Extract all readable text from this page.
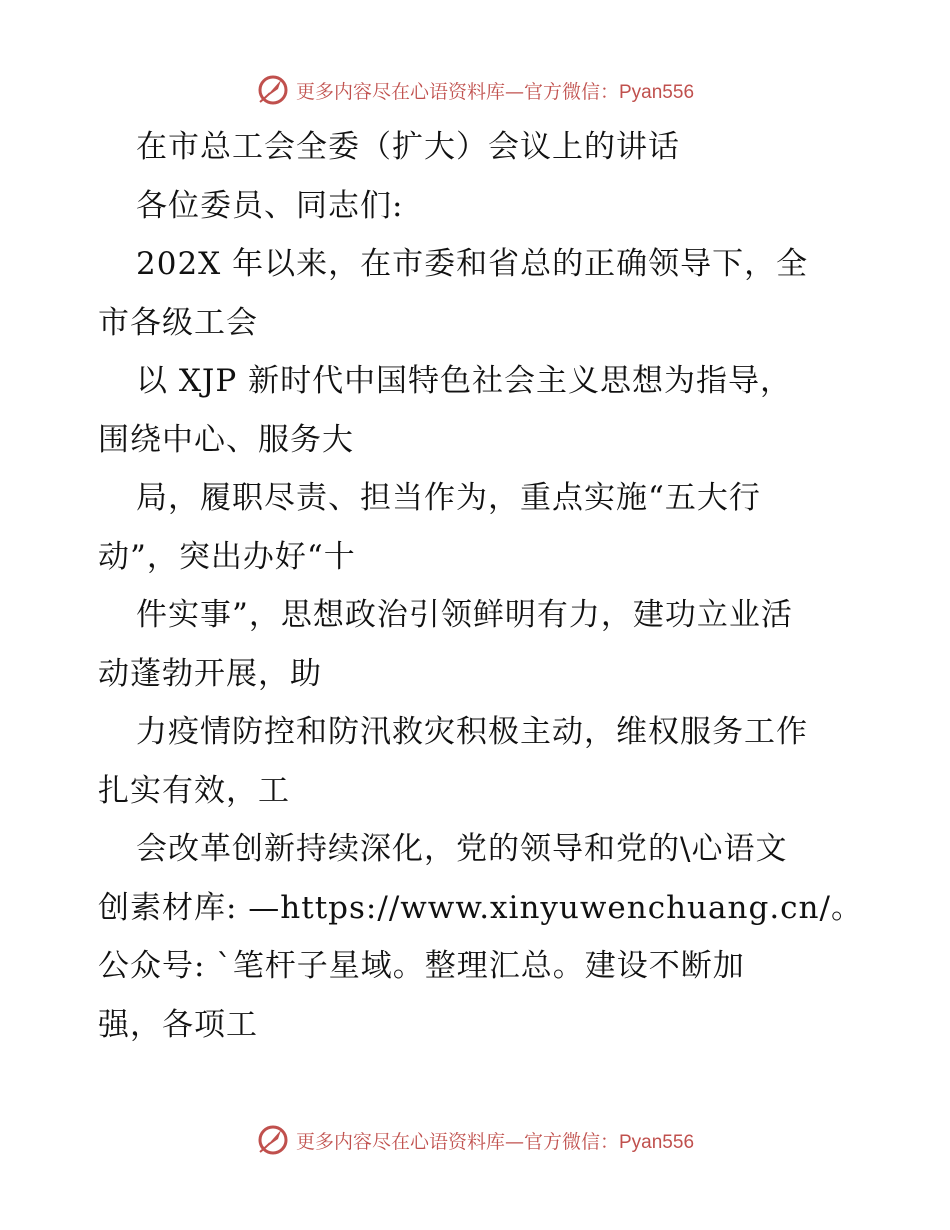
更多内容尽在心语资料库—官方微信：Pyan556
在市总工会全委（扩大）会议上的讲话
各位委员、同志们:
202X 年以来，在市委和省总的正确领导下，全
市各级工会
以 XJP 新时代中国特色社会主义思想为指导，
围绕中心、服务大
局，履职尽责、担当作为，重点实施“五大行
动”，突出办好“十
件实事”，思想政治引领鲜明有力，建功立业活
动蓬勃开展，助
力疫情防控和防汛救灾积极主动，维权服务工作
扎实有效，工
会改革创新持续深化，党的领导和党的\心语文
创素材库: —https://www.xinyuwenchuang.cn/。
公众号: `笔杆子星域。整理汇总。建设不断加
强，各项工
更多内容尽在心语资料库—官方微信：Pyan556
